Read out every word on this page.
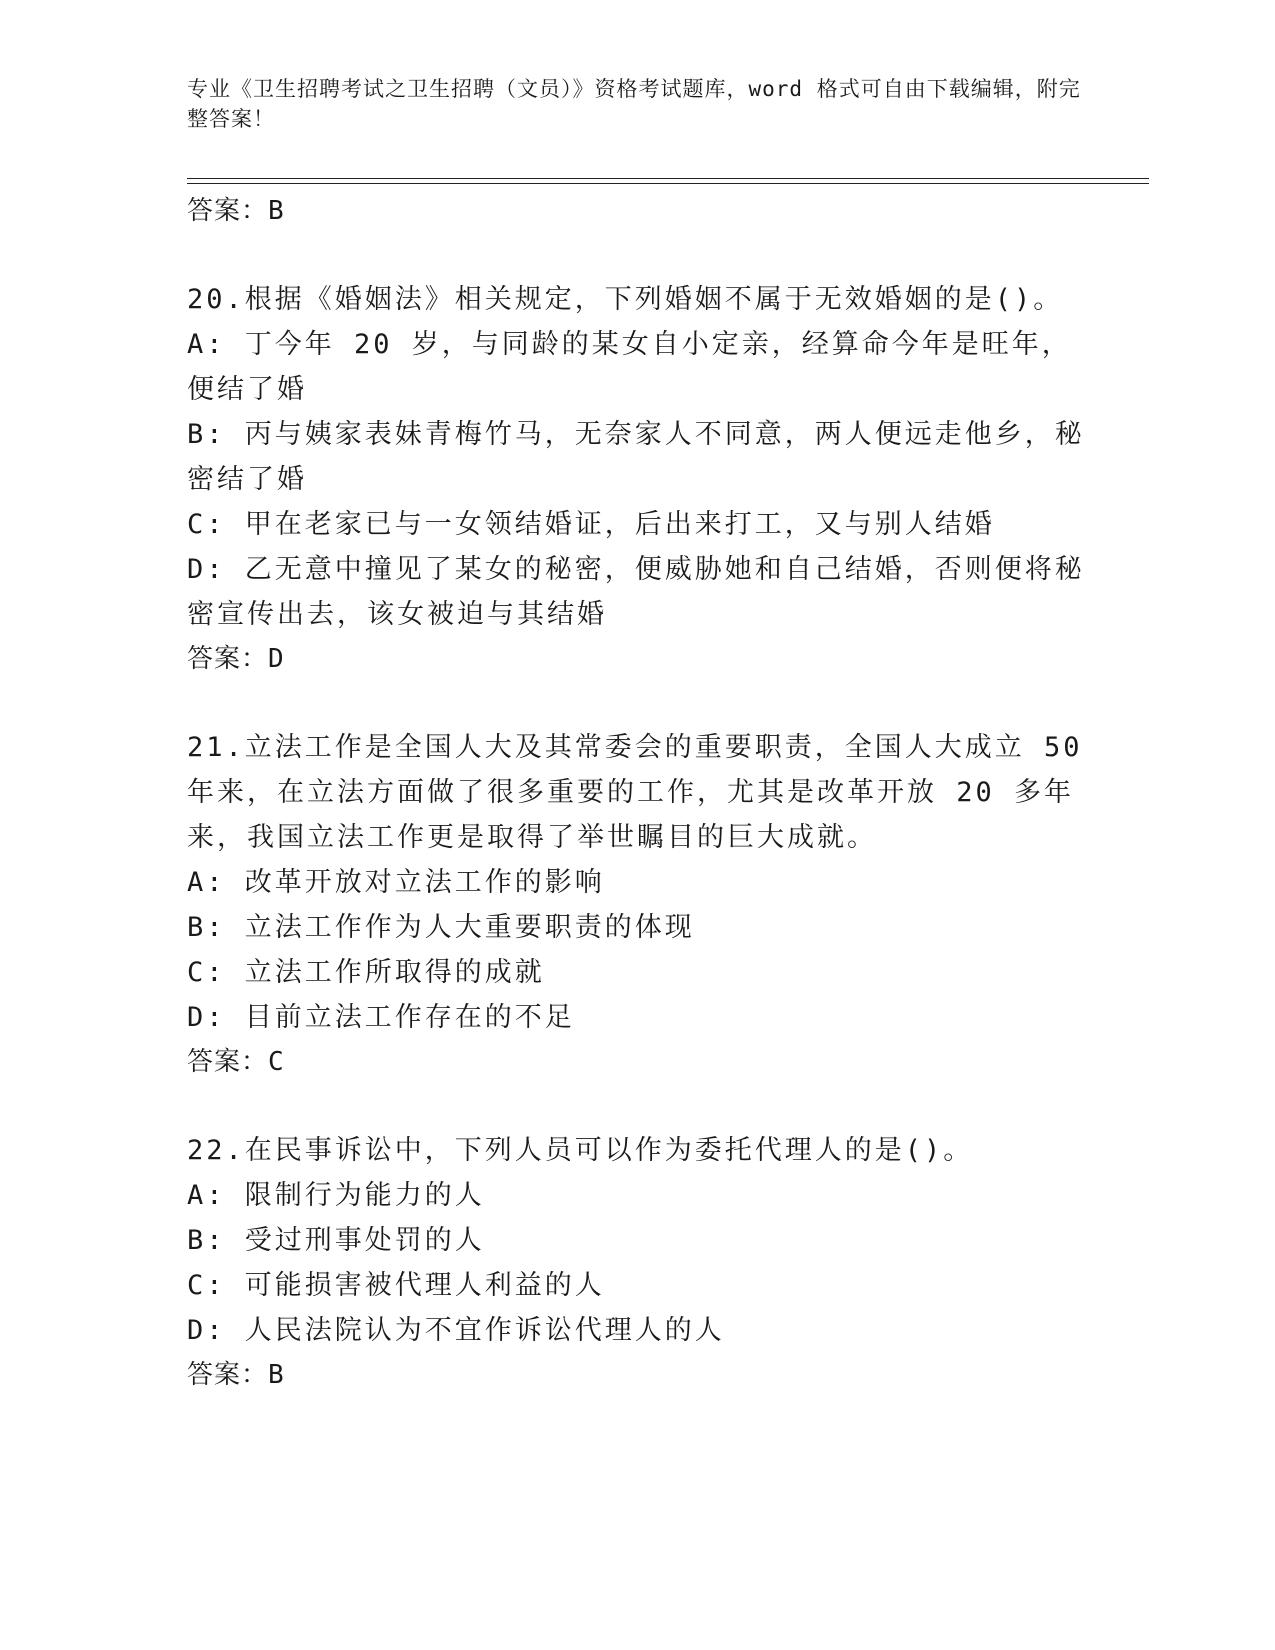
专业《卫生招聘考试之卫生招聘（文员）》资格考试题库，word 格式可自由下载编辑，附完整答案！

答案：B

20.根据《婚姻法》相关规定，下列婚姻不属于无效婚姻的是()。

A: 丁今年 20 岁，与同龄的某女自小定亲，经算命今年是旺年，便结了婚

B: 丙与姨家表妹青梅竹马，无奈家人不同意，两人便远走他乡，秘密结了婚

C: 甲在老家已与一女领结婚证，后出来打工，又与别人结婚

D: 乙无意中撞见了某女的秘密，便威胁她和自己结婚，否则便将秘密宣传出去，该女被迫与其结婚

答案：D

21.立法工作是全国人大及其常委会的重要职责，全国人大成立 50 年来，在立法方面做了很多重要的工作，尤其是改革开放 20 多年来，我国立法工作更是取得了举世瞩目的巨大成就。

A: 改革开放对立法工作的影响

B: 立法工作作为人大重要职责的体现

C: 立法工作所取得的成就

D: 目前立法工作存在的不足

答案：C

22.在民事诉讼中，下列人员可以作为委托代理人的是()。

A: 限制行为能力的人

B: 受过刑事处罚的人

C: 可能损害被代理人利益的人

D: 人民法院认为不宜作诉讼代理人的人

答案：B
